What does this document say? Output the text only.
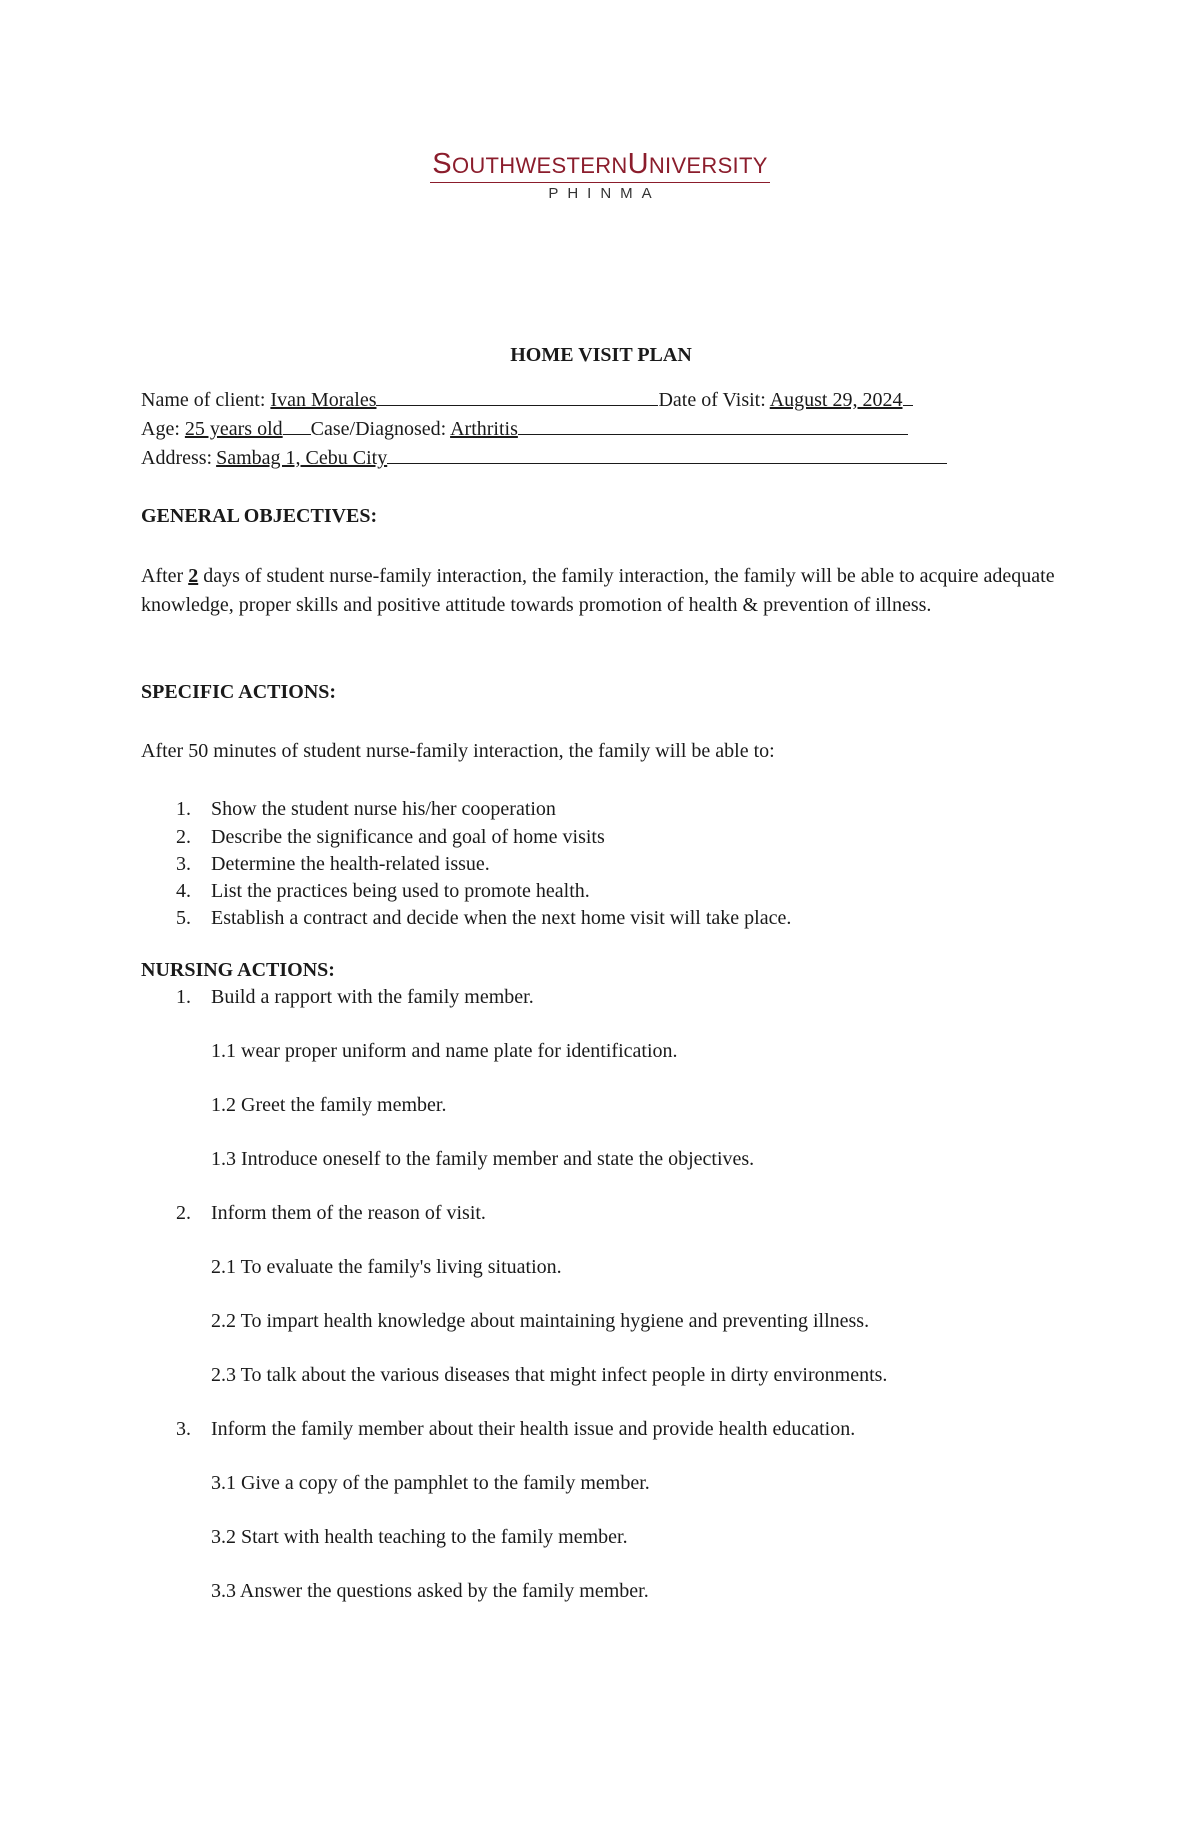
SOUTHWESTERNUNIVERSITY
PHINMA
HOME VISIT PLAN
Name of client: Ivan Morales	Date of Visit: August 29, 2024
Age: 25 years old Case/Diagnosed: Arthritis
Address: Sambag 1, Cebu City
GENERAL OBJECTIVES:
After 2 days of student nurse-family interaction, the family interaction, the family will be able to acquire adequate knowledge, proper skills and positive attitude towards promotion of health & prevention of illness.
SPECIFIC ACTIONS:
After 50 minutes of student nurse-family interaction, the family will be able to:
1. Show the student nurse his/her cooperation
2. Describe the significance and goal of home visits
3. Determine the health-related issue.
4. List the practices being used to promote health.
5. Establish a contract and decide when the next home visit will take place.
NURSING ACTIONS:
1. Build a rapport with the family member.
1.1 wear proper uniform and name plate for identification.
1.2 Greet the family member.
1.3 Introduce oneself to the family member and state the objectives.
2. Inform them of the reason of visit.
2.1 To evaluate the family's living situation.
2.2 To impart health knowledge about maintaining hygiene and preventing illness.
2.3 To talk about the various diseases that might infect people in dirty environments.
3. Inform the family member about their health issue and provide health education.
3.1 Give a copy of the pamphlet to the family member.
3.2 Start with health teaching to the family member.
3.3 Answer the questions asked by the family member.
